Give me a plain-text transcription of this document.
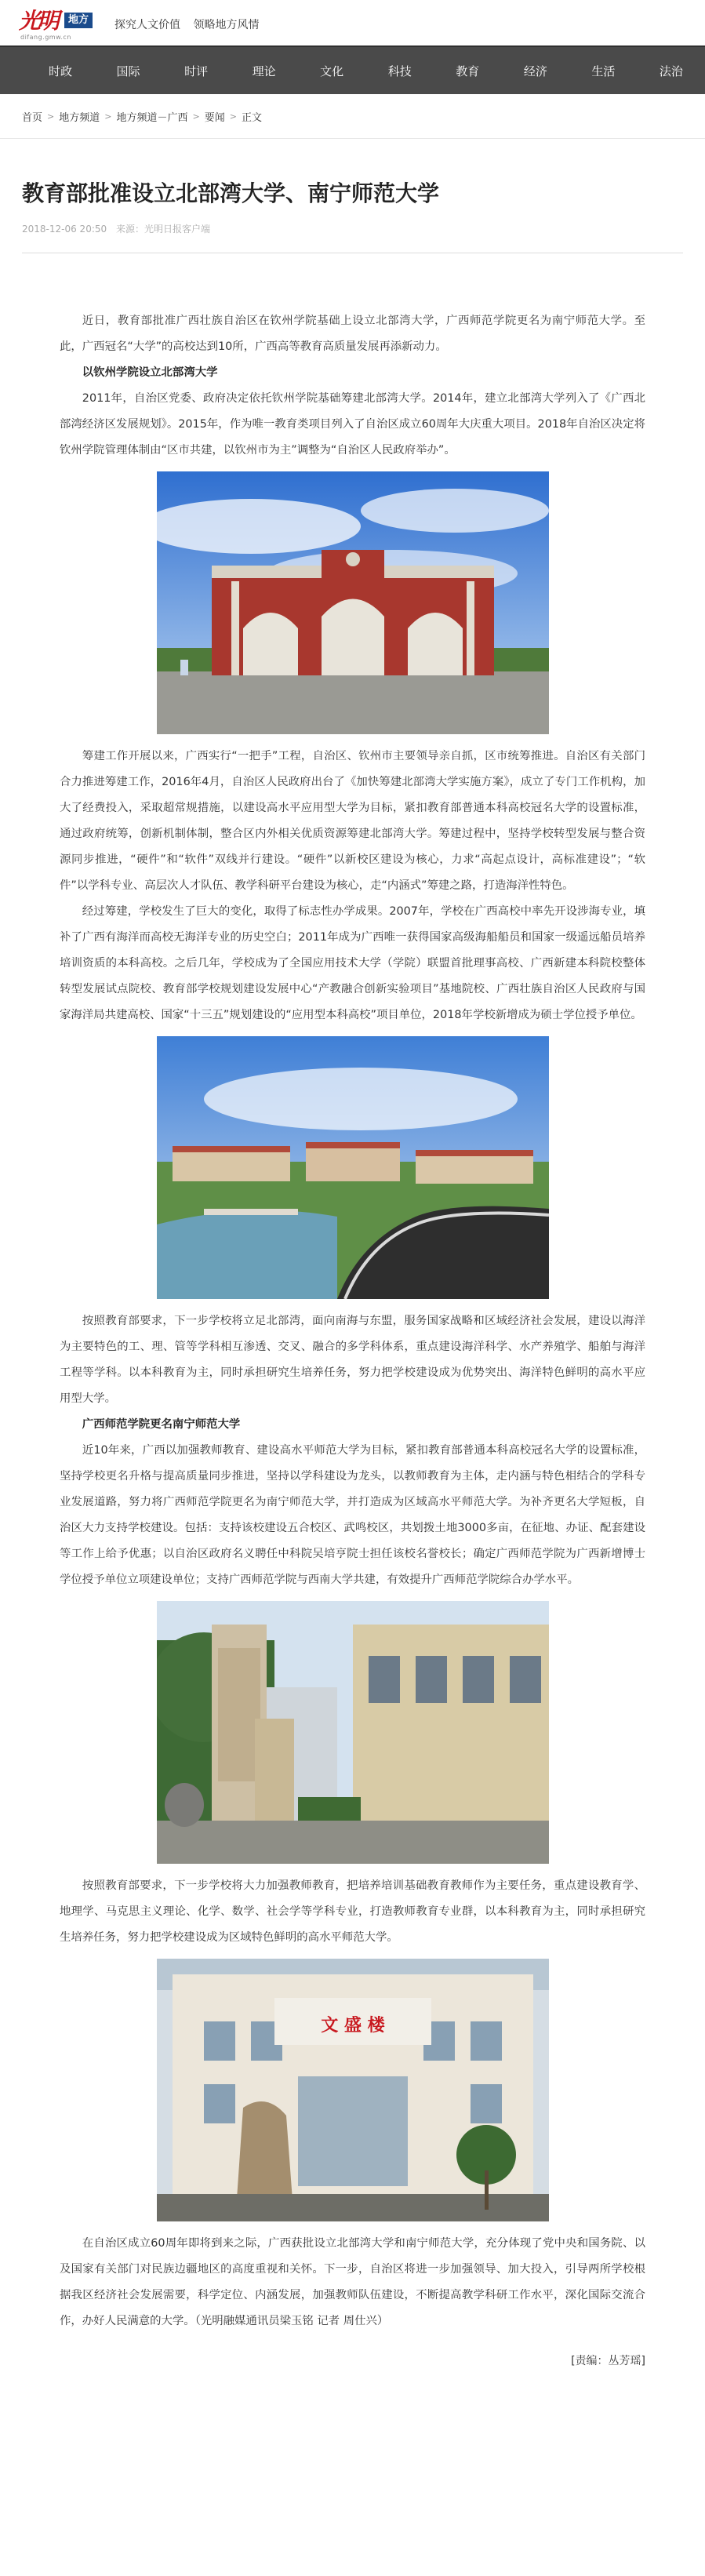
光明	地方
difang.gmw.cn
探究人文价值 领略地方风情
时政	国际	时评	理论	文化	科技	教育	经济	生活	法治
首页 > 地方频道 > 地方频道－广西 > 要闻 > 正文
教育部批准设立北部湾大学、南宁师范大学
2018-12-06 20:50 来源：光明日报客户端

近日，教育部批准广西壮族自治区在钦州学院基础上设立北部湾大学，广西师范学院更名为南宁师范大学。至此，广西冠名“大学”的高校达到10所，广西高等教育高质量发展再添新动力。

以钦州学院设立北部湾大学

2011年，自治区党委、政府决定依托钦州学院基础筹建北部湾大学。2014年，建立北部湾大学列入了《广西北部湾经济区发展规划》。2015年，作为唯一教育类项目列入了自治区成立60周年大庆重大项目。2018年自治区决定将钦州学院管理体制由“区市共建，以钦州市为主”调整为“自治区人民政府举办”。

筹建工作开展以来，广西实行“一把手”工程，自治区、钦州市主要领导亲自抓，区市统筹推进。自治区有关部门合力推进筹建工作，2016年4月，自治区人民政府出台了《加快筹建北部湾大学实施方案》，成立了专门工作机构，加大了经费投入，采取超常规措施，以建设高水平应用型大学为目标，紧扣教育部普通本科高校冠名大学的设置标准，通过政府统筹，创新机制体制，整合区内外相关优质资源筹建北部湾大学。筹建过程中，坚持学校转型发展与整合资源同步推进，“硬件”和“软件”双线并行建设。“硬件”以新校区建设为核心，力求“高起点设计，高标准建设”；“软件”以学科专业、高层次人才队伍、教学科研平台建设为核心，走“内涵式”筹建之路，打造海洋性特色。

经过筹建，学校发生了巨大的变化，取得了标志性办学成果。2007年，学校在广西高校中率先开设涉海专业，填补了广西有海洋而高校无海洋专业的历史空白；2011年成为广西唯一获得国家高级海船船员和国家一级遥远船员培养培训资质的本科高校。之后几年，学校成为了全国应用技术大学（学院）联盟首批理事高校、广西新建本科院校整体转型发展试点院校、教育部学校规划建设发展中心“产教融合创新实验项目”基地院校、广西壮族自治区人民政府与国家海洋局共建高校、国家“十三五”规划建设的“应用型本科高校”项目单位，2018年学校新增成为硕士学位授予单位。

按照教育部要求，下一步学校将立足北部湾，面向南海与东盟，服务国家战略和区域经济社会发展，建设以海洋为主要特色的工、理、管等学科相互渗透、交叉、融合的多学科体系，重点建设海洋科学、水产养殖学、船舶与海洋工程等学科。以本科教育为主，同时承担研究生培养任务，努力把学校建设成为优势突出、海洋特色鲜明的高水平应用型大学。

广西师范学院更名南宁师范大学

近10年来，广西以加强教师教育、建设高水平师范大学为目标，紧扣教育部普通本科高校冠名大学的设置标准，坚持学校更名升格与提高质量同步推进，坚持以学科建设为龙头，以教师教育为主体，走内涵与特色相结合的学科专业发展道路，努力将广西师范学院更名为南宁师范大学，并打造成为区域高水平师范大学。为补齐更名大学短板，自治区大力支持学校建设。包括：支持该校建设五合校区、武鸣校区，共划拨土地3000多亩，在征地、办证、配套建设等工作上给予优惠；以自治区政府名义聘任中科院吴培亨院士担任该校名誉校长；确定广西师范学院为广西新增博士学位授予单位立项建设单位；支持广西师范学院与西南大学共建，有效提升广西师范学院综合办学水平。

按照教育部要求，下一步学校将大力加强教师教育，把培养培训基础教育教师作为主要任务，重点建设教育学、地理学、马克思主义理论、化学、数学、社会学等学科专业，打造教师教育专业群，以本科教育为主，同时承担研究生培养任务，努力把学校建设成为区域特色鲜明的高水平师范大学。

文 盛 楼

在自治区成立60周年即将到来之际，广西获批设立北部湾大学和南宁师范大学，充分体现了党中央和国务院、以及国家有关部门对民族边疆地区的高度重视和关怀。下一步，自治区将进一步加强领导、加大投入，引导两所学校根据我区经济社会发展需要，科学定位、内涵发展，加强教师队伍建设，不断提高教学科研工作水平，深化国际交流合作，办好人民满意的大学。（光明融媒通讯员梁玉铭 记者 周仕兴）

[责编：丛芳瑶]
